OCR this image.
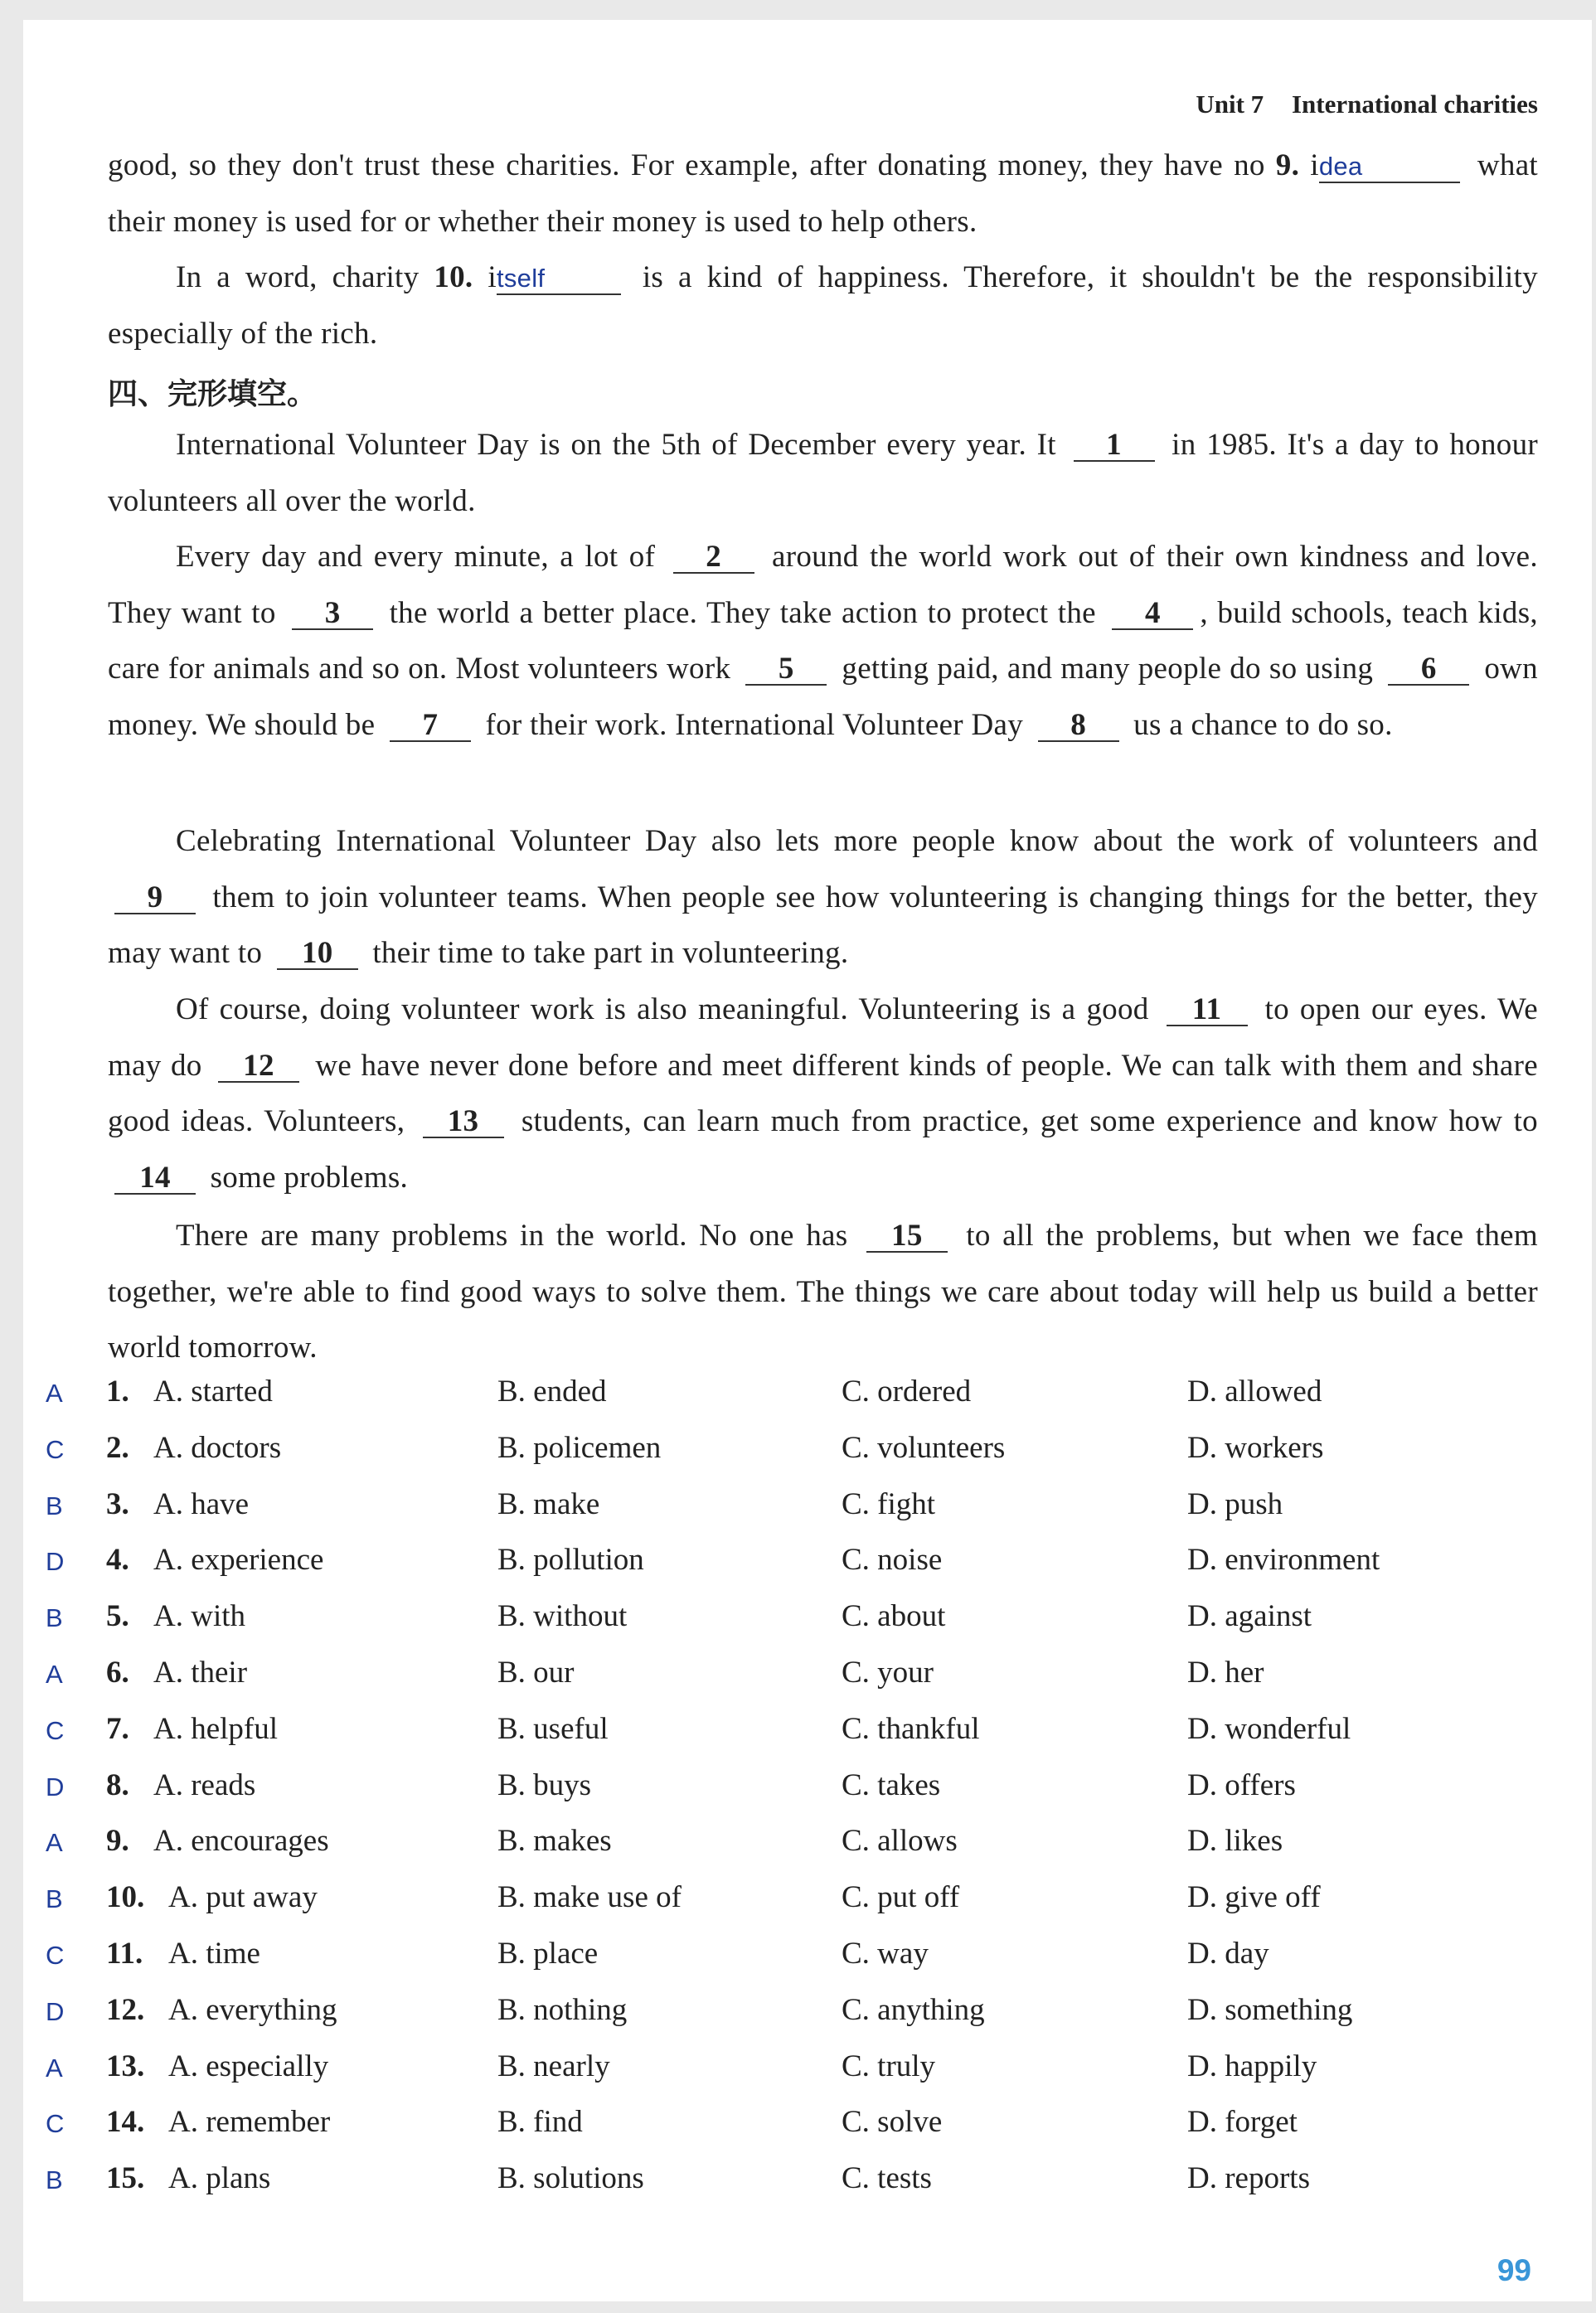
Unit 7 International charities
good, so they don't trust these charities. For example, after donating money, they have no 9. idea	what their money is used for or whether their money is used to help others.
In a word, charity 10. itself	is a kind of happiness. Therefore, it shouldn't be the responsibility especially of the rich.
四、完形填空。
International Volunteer Day is on the 5th of December every year. It 1 in 1985. It's a day to honour volunteers all over the world.
Every day and every minute, a lot of 2 around the world work out of their own kindness and love. They want to 3 the world a better place. They take action to protect the 4 , build schools, teach kids, care for animals and so on. Most volunteers work 5 getting paid, and many people do so using 6 own money. We should be 7 for their work. International Volunteer Day 8 us a chance to do so.
Celebrating International Volunteer Day also lets more people know about the work of volunteers and 9 them to join volunteer teams. When people see how volunteering is changing things for the better, they may want to 10 their time to take part in volunteering.
Of course, doing volunteer work is also meaningful. Volunteering is a good 11 to open our eyes. We may do 12 we have never done before and meet different kinds of people. We can talk with them and share good ideas. Volunteers, 13 students, can learn much from practice, get some experience and know how to 14 some problems.
There are many problems in the world. No one has 15 to all the problems, but when we face them together, we're able to find good ways to solve them. The things we care about today will help us build a better world tomorrow.
A 1. A. started	B. ended	C. ordered	D. allowed
C 2. A. doctors	B. policemen	C. volunteers	D. workers
B 3. A. have	B. make	C. fight	D. push
D 4. A. experience	B. pollution	C. noise	D. environment
B 5. A. with	B. without	C. about	D. against
A 6. A. their	B. our	C. your	D. her
C 7. A. helpful	B. useful	C. thankful	D. wonderful
D 8. A. reads	B. buys	C. takes	D. offers
A 9. A. encourages	B. makes	C. allows	D. likes
B 10. A. put away	B. make use of	C. put off	D. give off
C 11. A. time	B. place	C. way	D. day
D 12. A. everything	B. nothing	C. anything	D. something
A 13. A. especially	B. nearly	C. truly	D. happily
C 14. A. remember	B. find	C. solve	D. forget
B 15. A. plans	B. solutions	C. tests	D. reports
99
